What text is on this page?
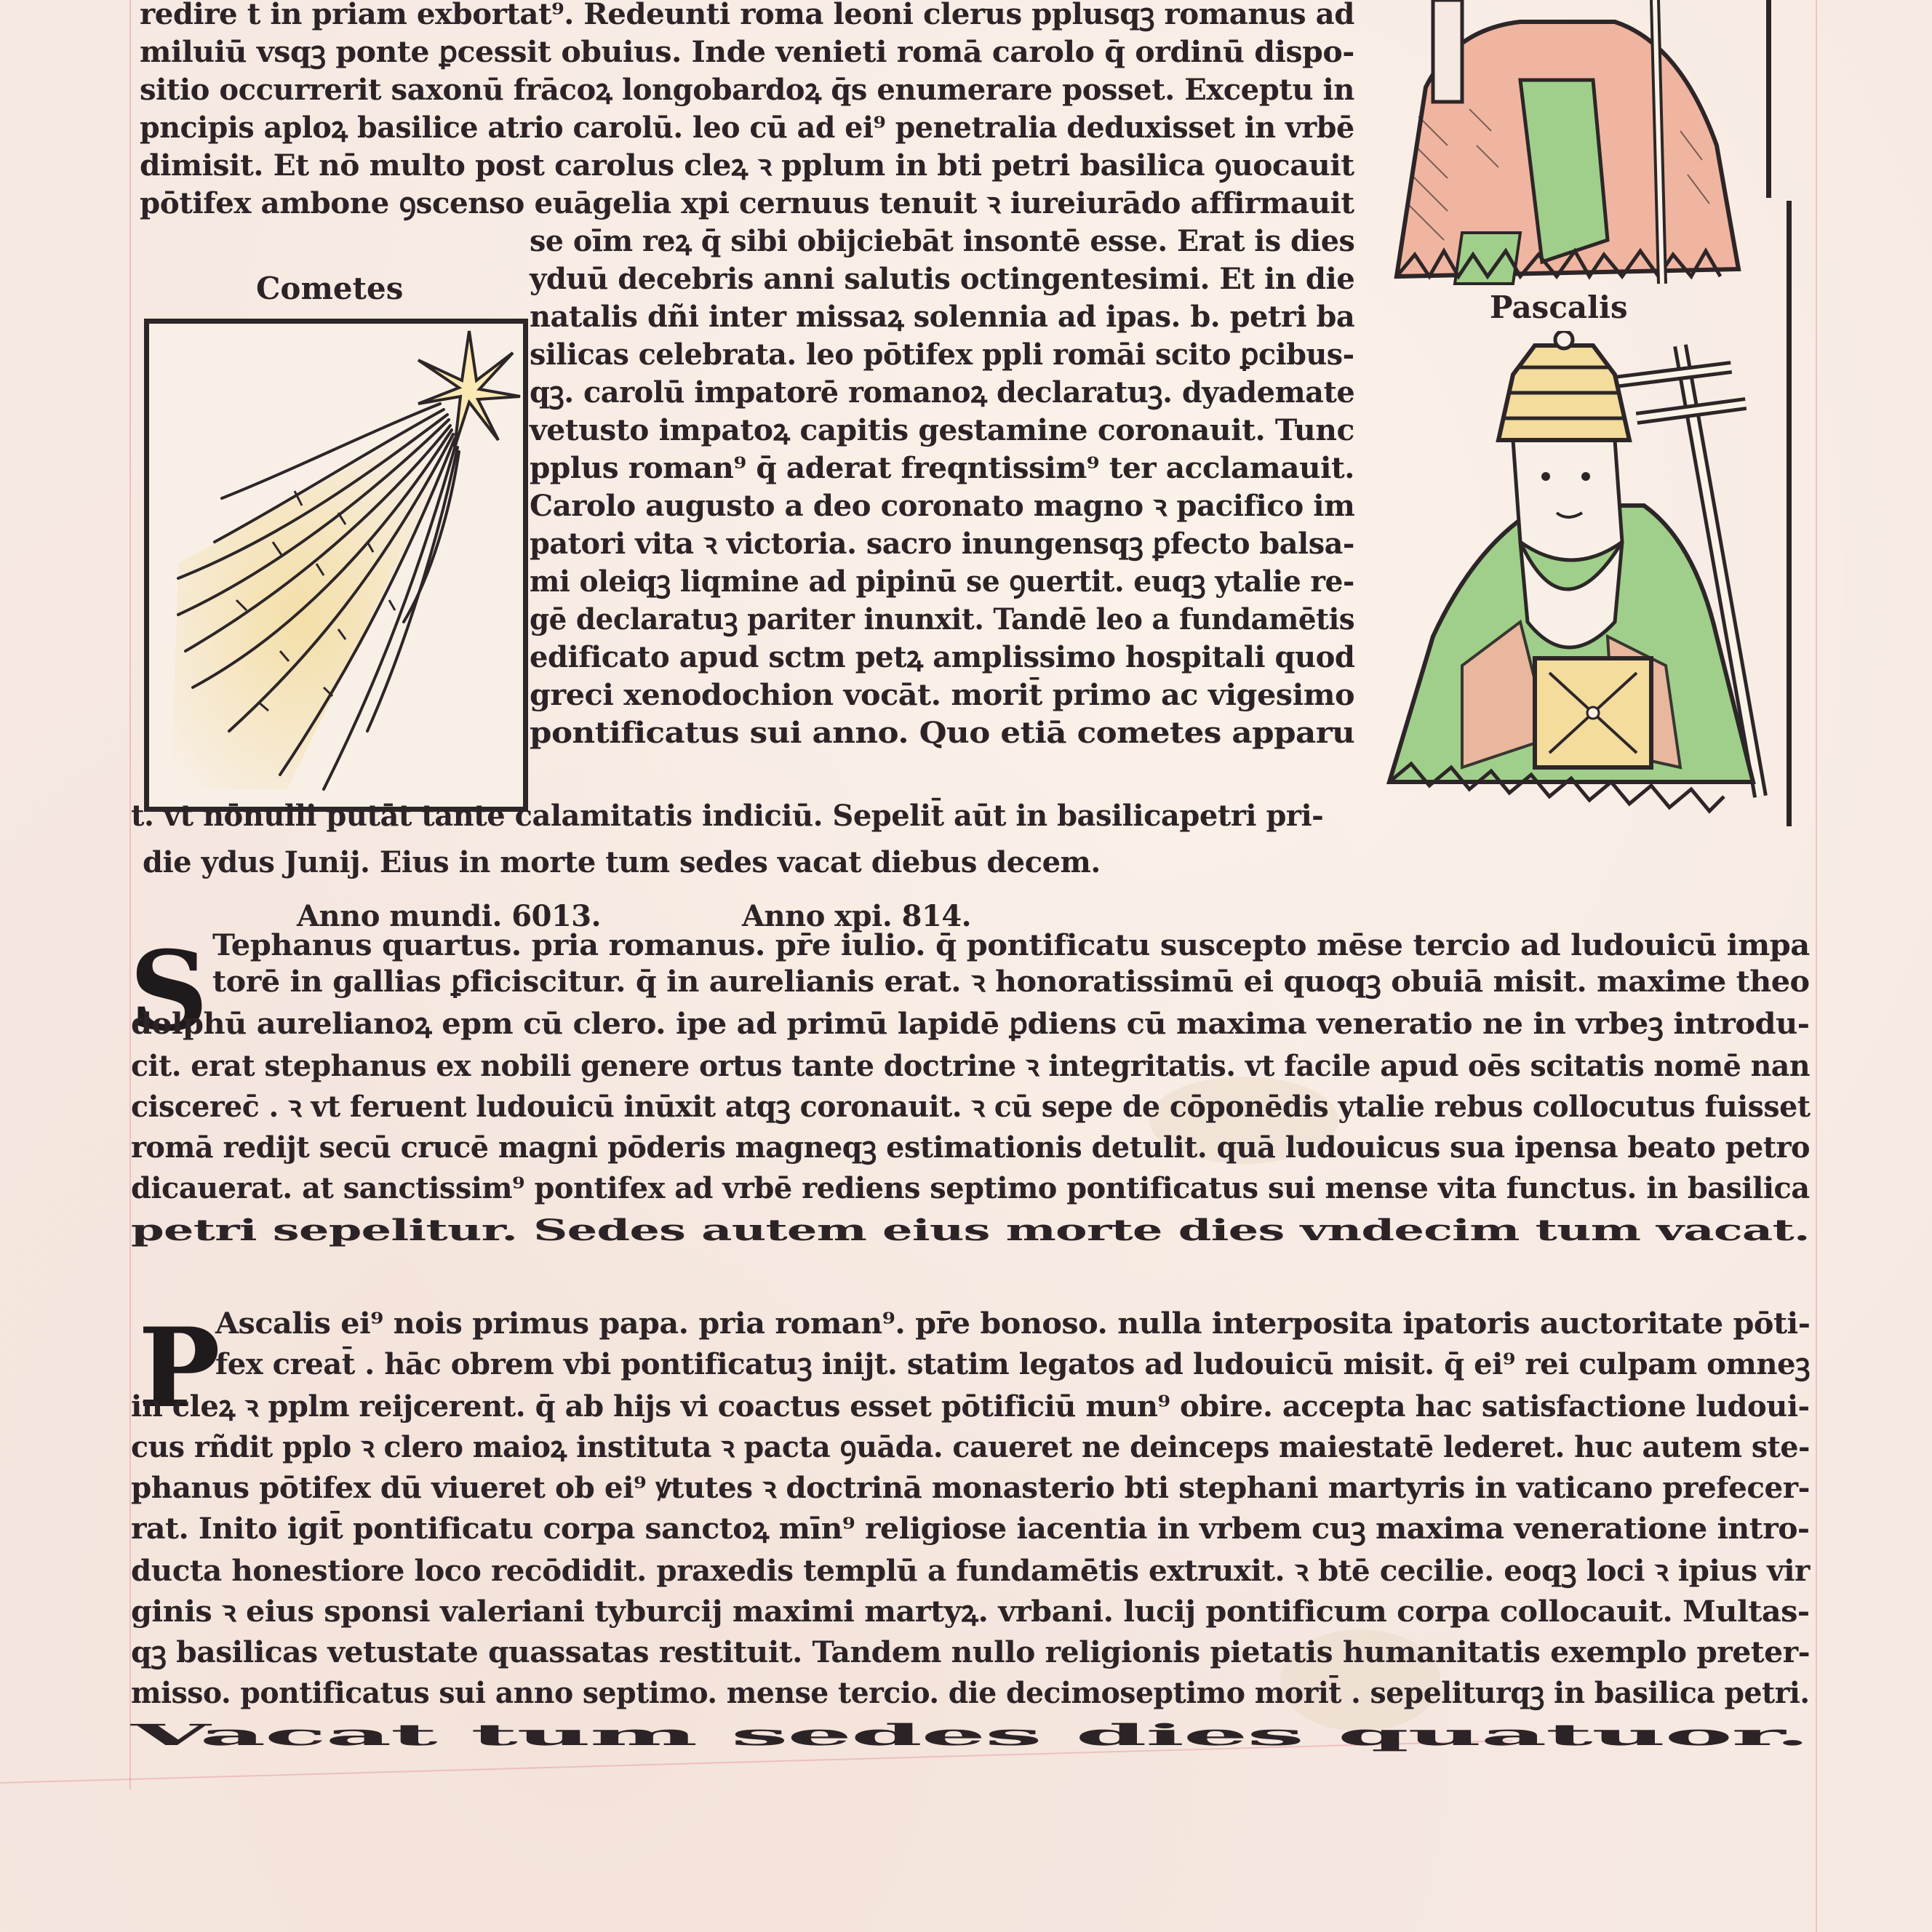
redire t in priam exbortat⁹. Redeunti roma leoni clerus pplusqꝫ romanus ad
miluiū vsqꝫ ponte ꝑcessit obuius. Inde venieti romā carolo q̄ ordinū dispo-
sitio occurrerit saxonū frācoꝝ longobardoꝝ q̄s enumerare posset. Exceptu in
pncipis aploꝝ basilice atrio carolū. leo cū ad ei⁹ penetralia deduxisset in vrbē
dimisit. Et nō multo post carolus cleꝝ ꝛ pplum in bti petri basilica ꝯuocauit
pōtifex ambone ꝯscenso euāgelia xpi cernuus tenuit ꝛ iureiurādo affirmauit
Cometes
se oīm reꝝ q̄ sibi obijciebāt insontē esse. Erat is dies
yduū decebris anni salutis octingentesimi. Et in die
natalis dñi inter missaꝝ solennia ad ipas. b. petri ba
silicas celebrata. leo pōtifex ppli romāi scito ꝑcibus-
qꝫ. carolū impatorē romanoꝝ declaratuꝫ. dyademate
vetusto impatoꝝ capitis gestamine coronauit. Tunc
pplus roman⁹ q̄ aderat freqntissim⁹ ter acclamauit.
Carolo augusto a deo coronato magno ꝛ pacifico im
patori vita ꝛ victoria. sacro inungensqꝫ ꝑfecto balsa-
mi oleiqꝫ liqmine ad pipinū se ꝯuertit. euqꝫ ytalie re-
gē declaratuꝫ pariter inunxit. Tandē leo a fundamētis
edificato apud sctm petꝝ amplissimo hospitali quod
greci xenodochion vocāt. morit̄ primo ac vigesimo
pontificatus sui anno. Quo etiā cometes apparu
t. vt nōnulli putāt tante calamitatis indiciū. Sepelit̄ aūt in basilicapetri pri-
die ydus Junij. Eius in morte tum sedes vacat diebus decem.
Anno mundi. 6013.	Anno xpi. 814.
Pascalis
S Tephanus quartus. pria romanus. pr̄e iulio. q̄ pontificatu suscepto mēse tercio ad ludouicū impa
torē in gallias ꝑficiscitur. q̄ in aurelianis erat. ꝛ honoratissimū ei quoqꝫ obuiā misit. maxime theo
dolphū aurelianoꝝ epm cū clero. ipe ad primū lapidē ꝑdiens cū maxima veneratio ne in vrbeꝫ introdu-
cit. erat stephanus ex nobili genere ortus tante doctrine ꝛ integritatis. vt facile apud oēs scitatis nomē nan
ciscerec̄ . ꝛ vt feruent ludouicū inūxit atqꝫ coronauit. ꝛ cū sepe de cōponēdis ytalie rebus collocutus fuisset
romā redijt secū crucē magni pōderis magneqꝫ estimationis detulit. quā ludouicus sua ipensa beato petro
dicauerat. at sanctissim⁹ pontifex ad vrbē rediens septimo pontificatus sui mense vita functus. in basilica
petri sepelitur. Sedes autem eius morte dies vndecim tum vacat.
P
Ascalis ei⁹ nois primus papa. pria roman⁹. pr̄e bonoso. nulla interposita ipatoris auctoritate pōti-
fex creat̄ . hāc obrem vbi pontificatuꝫ inijt. statim legatos ad ludouicū misit. q̄ ei⁹ rei culpam omneꝫ
in cleꝝ ꝛ pplm reijcerent. q̄ ab hijs vi coactus esset pōtificiū mun⁹ obire. accepta hac satisfactione ludoui-
cus rñdit pplo ꝛ clero maioꝝ instituta ꝛ pacta ꝯuāda. caueret ne deinceps maiestatē lederet. huc autem ste-
phanus pōtifex dū viueret ob ei⁹ ꝟtutes ꝛ doctrinā monasterio bti stephani martyris in vaticano prefecer-
rat. Inito igit̄ pontificatu corpa sanctoꝝ mīn⁹ religiose iacentia in vrbem cuꝫ maxima veneratione intro-
ducta honestiore loco recōdidit. praxedis templū a fundamētis extruxit. ꝛ btē cecilie. eoqꝫ loci ꝛ ipius vir
ginis ꝛ eius sponsi valeriani tyburcij maximi martyꝝ. vrbani. lucij pontificum corpa collocauit. Multas-
qꝫ basilicas vetustate quassatas restituit. Tandem nullo religionis pietatis humanitatis exemplo preter-
misso. pontificatus sui anno septimo. mense tercio. die decimoseptimo morit̄ . sepeliturqꝫ in basilica petri.
Vacat tum sedes dies quatuor.
